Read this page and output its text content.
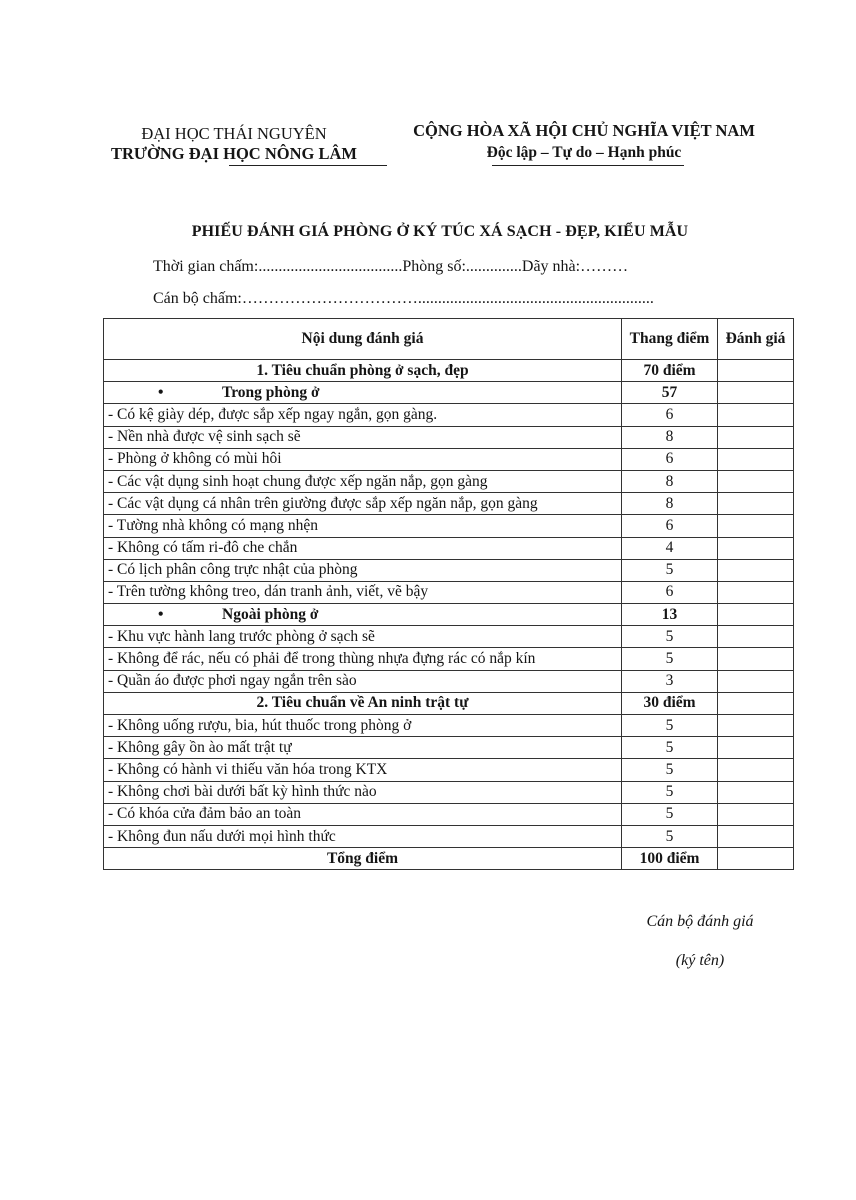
ĐẠI HỌC THÁI NGUYÊN
TRƯỜNG ĐẠI HỌC NÔNG LÂM
CỘNG HÒA XÃ HỘI CHỦ NGHĨA VIỆT NAM
Độc lập – Tự do – Hạnh phúc
PHIẾU ĐÁNH GIÁ PHÒNG Ở KÝ TÚC XÁ SẠCH - ĐẸP, KIỂU MẪU
Thời gian chấm:....................................Phòng số:..............Dãy nhà:………
Cán bộ chấm:……………………………...........................................................
Nội dung đánh giá	Thang điểm	Đánh giá
1. Tiêu chuẩn phòng ở sạch, đẹp	70 điểm	
• Trong phòng ở	57	
- Có kệ giày dép, được sắp xếp ngay ngắn, gọn gàng.	6	
- Nền nhà được vệ sinh sạch sẽ	8	
- Phòng ở không có mùi hôi	6	
- Các vật dụng sinh hoạt chung được xếp ngăn nắp, gọn gàng	8	
- Các vật dụng cá nhân trên giường được sắp xếp ngăn nắp, gọn gàng	8	
- Tường nhà không có mạng nhện	6	
- Không có tấm ri-đô che chắn	4	
- Có lịch phân công trực nhật của phòng	5	
- Trên tường không treo, dán tranh ảnh, viết, vẽ bậy	6	
• Ngoài phòng ở	13	
- Khu vực hành lang trước phòng ở sạch sẽ	5	
- Không để rác, nếu có phải để trong thùng nhựa đựng rác có nắp kín	5	
- Quần áo được phơi ngay ngắn trên sào	3	
2. Tiêu chuẩn về An ninh trật tự	30 điểm	
- Không uống rượu, bia, hút thuốc trong phòng ở	5	
- Không gây ồn ào mất trật tự	5	
- Không có hành vi thiếu văn hóa trong KTX	5	
- Không chơi bài dưới bất kỳ hình thức nào	5	
- Có khóa cửa đảm bảo an toàn	5	
- Không đun nấu dưới mọi hình thức	5	
Tổng điểm	100 điểm	
Cán bộ đánh giá
(ký tên)
